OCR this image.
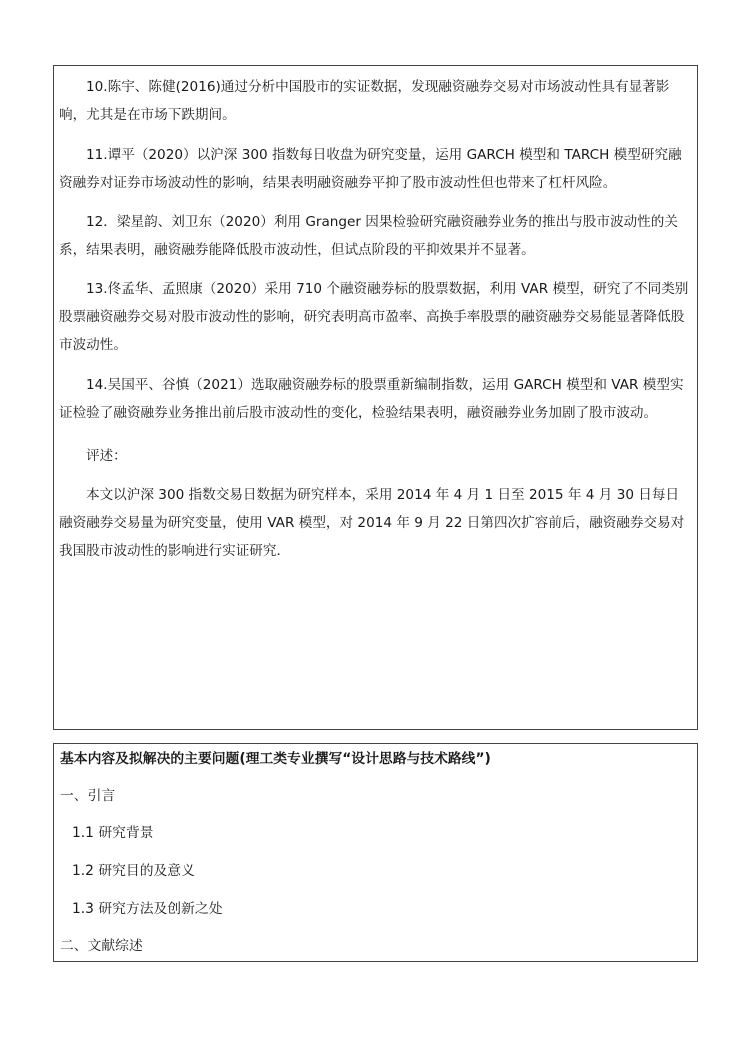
10.陈宇、陈健(2016)通过分析中国股市的实证数据，发现融资融券交易对市场波动性具有显著影响，尤其是在市场下跌期间。

11.谭平（2020）以沪深 300 指数每日收盘为研究变量，运用 GARCH 模型和 TARCH 模型研究融资融券对证券市场波动性的影响，结果表明融资融券平抑了股市波动性但也带来了杠杆风险。

12．梁星韵、刘卫东（2020）利用 Granger 因果检验研究融资融券业务的推出与股市波动性的关系，结果表明，融资融券能降低股市波动性，但试点阶段的平抑效果并不显著。

13.佟孟华、孟照康（2020）采用 710 个融资融券标的股票数据，利用 VAR 模型，研究了不同类别股票融资融券交易对股市波动性的影响，研究表明高市盈率、高换手率股票的融资融券交易能显著降低股市波动性。

14.吴国平、谷慎（2021）选取融资融券标的股票重新编制指数，运用 GARCH 模型和 VAR 模型实证检验了融资融券业务推出前后股市波动性的变化，检验结果表明，融资融券业务加剧了股市波动。

评述：

本文以沪深 300 指数交易日数据为研究样本，采用 2014 年 4 月 1 日至 2015 年 4 月 30 日每日融资融券交易量为研究变量，使用 VAR 模型，对 2014 年 9 月 22 日第四次扩容前后，融资融券交易对我国股市波动性的影响进行实证研究．

基本内容及拟解决的主要问题(理工类专业撰写“设计思路与技术路线”)

一、引言

1.1 研究背景

1.2 研究目的及意义

1.3 研究方法及创新之处

二、文献综述
